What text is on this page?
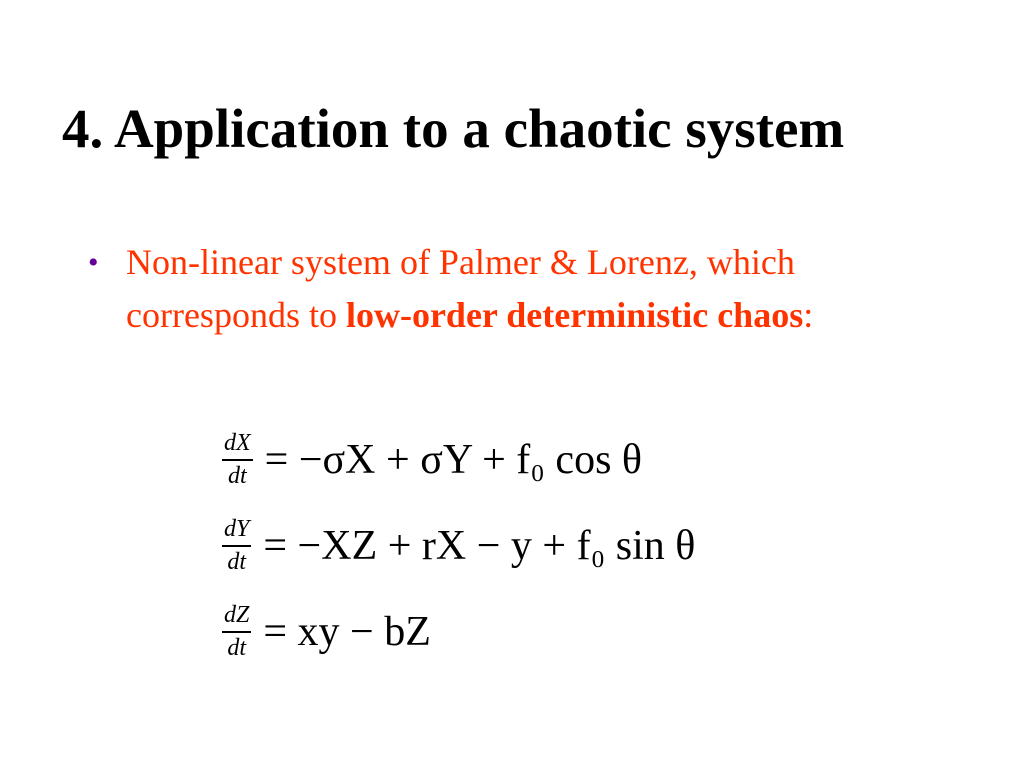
4. Application to a chaotic system
• Non-linear system of Palmer & Lorenz, which corresponds to low-order deterministic chaos:
$\frac{dX}{dt} = -\sigma X + \sigma Y + f_0$ cos θ
$\frac{dY}{dt} = -XZ$ + rX − y + f₀ sin θ
$\frac{dZ}{dt}$ = xy − bZ
